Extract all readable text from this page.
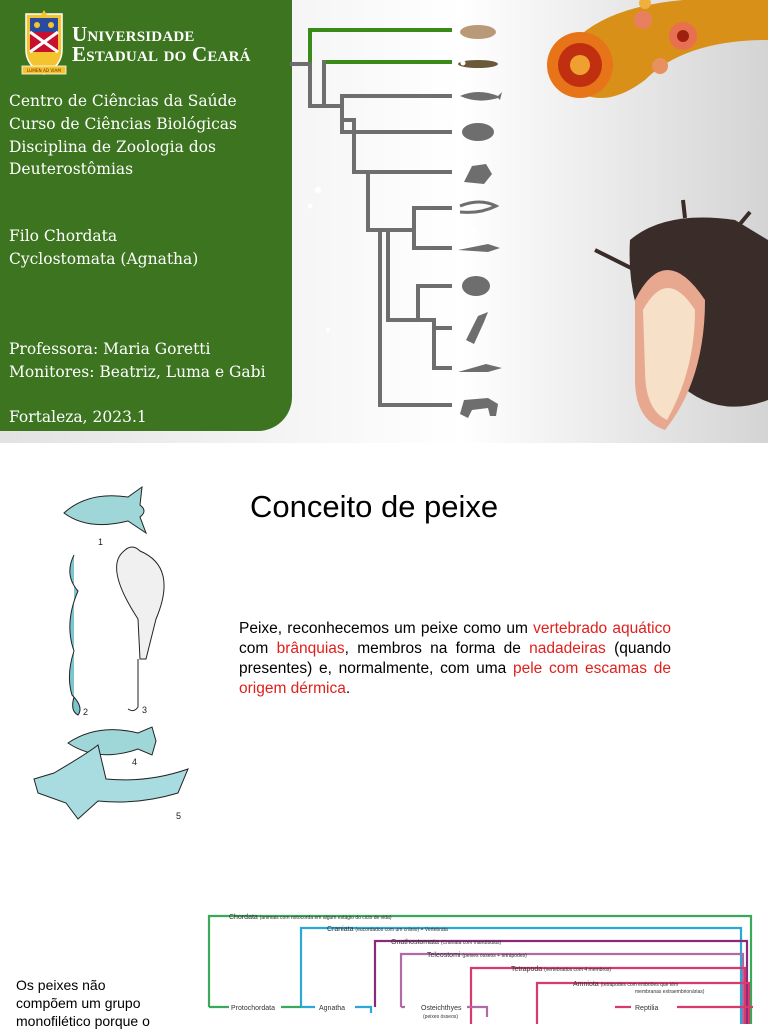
LUMEN AD VIAM
Universidade
Estadual do Ceará
Centro de Ciências da Saúde
Curso de Ciências Biológicas
Disciplina de Zoologia dos
Deuterostômias
Filo Chordata
Cyclostomata (Agnatha)
Professora: Maria Goretti
Monitores: Beatriz, Luma e Gabi
Fortaleza, 2023.1
Conceito de peixe
1
2	3
4
5
Peixe, reconhecemos um peixe como um vertebrado aquático com brânquias, membros na forma de nadadeiras (quando presentes) e, normalmente, com uma pele com escamas de origem dérmica.
Os peixes não compõem um grupo monofilético porque o
Chordata (animais com notocorda em algum estágio do ciclo de vida)
Craniata (eucordados com um crânio) = Vertebrata
Gnathostomata (Craniata com mandíbulas)
Teleostomi (peixes ósseos + tetrápodes)
Tetrapoda (vertebrados com 4 membros)
Amniota (tetrápodes com embriões que têm
membranas extraembrionárias)
Protochordata	Agnatha	Osteichthyes
(peixes ósseos)
Reptilia
